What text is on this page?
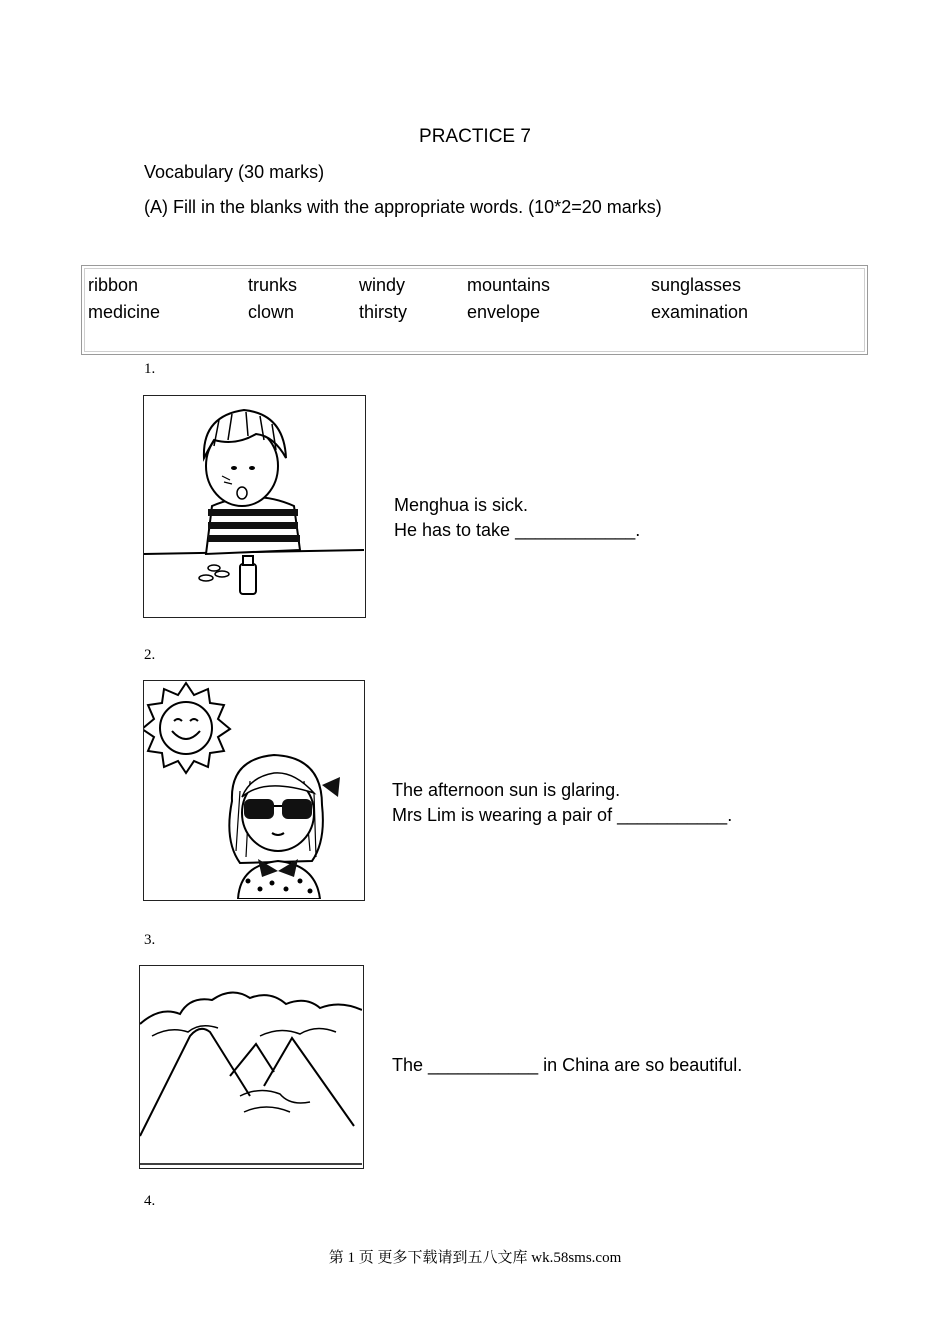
PRACTICE 7
Vocabulary (30 marks)
(A) Fill in the blanks with the appropriate words. (10*2=20 marks)
ribbon	trunks	windy	mountains	sunglasses
medicine	clown	thirsty	envelope	examination
1.
Menghua is sick.
He has to take ____________.
2.
The afternoon sun is glaring.
Mrs Lim is wearing a pair of ___________.
3.
The ___________ in China are so beautiful.
4.
第 1 页 更多下载请到五八文库 wk.58sms.com
